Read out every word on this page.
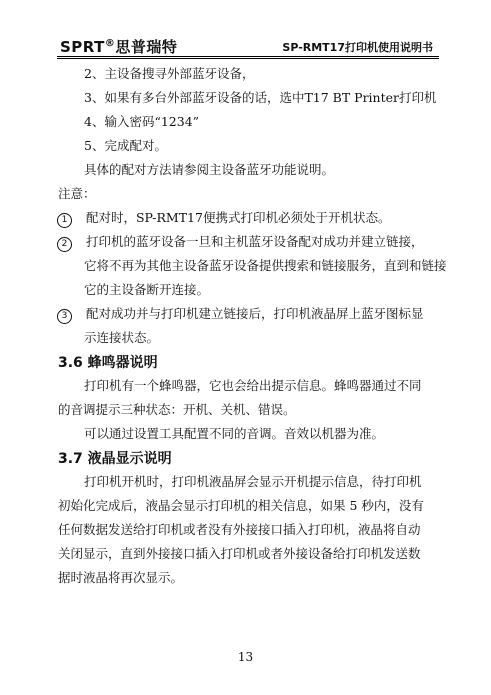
SPRT®思普瑞特	SP-RMT17打印机使用说明书
2、主设备搜寻外部蓝牙设备，
3、如果有多台外部蓝牙设备的话，选中T17 BT Printer打印机
4、输入密码“1234”
5、完成配对。
具体的配对方法请参阅主设备蓝牙功能说明。
注意：
1 配对时，SP-RMT17便携式打印机必须处于开机状态。
2 打印机的蓝牙设备一旦和主机蓝牙设备配对成功并建立链接，
它将不再为其他主设备蓝牙设备提供搜索和链接服务，直到和链接
它的主设备断开连接。
3 配对成功并与打印机建立链接后，打印机液晶屏上蓝牙图标显
示连接状态。
3.6 蜂鸣器说明
打印机有一个蜂鸣器，它也会给出提示信息。蜂鸣器通过不同
的音调提示三种状态：开机、关机、错误。
可以通过设置工具配置不同的音调。音效以机器为准。
3.7 液晶显示说明
打印机开机时，打印机液晶屏会显示开机提示信息，待打印机
初始化完成后，液晶会显示打印机的相关信息，如果 5 秒内，没有
任何数据发送给打印机或者没有外接接口插入打印机，液晶将自动
关闭显示，直到外接接口插入打印机或者外接设备给打印机发送数
据时液晶将再次显示。
13
